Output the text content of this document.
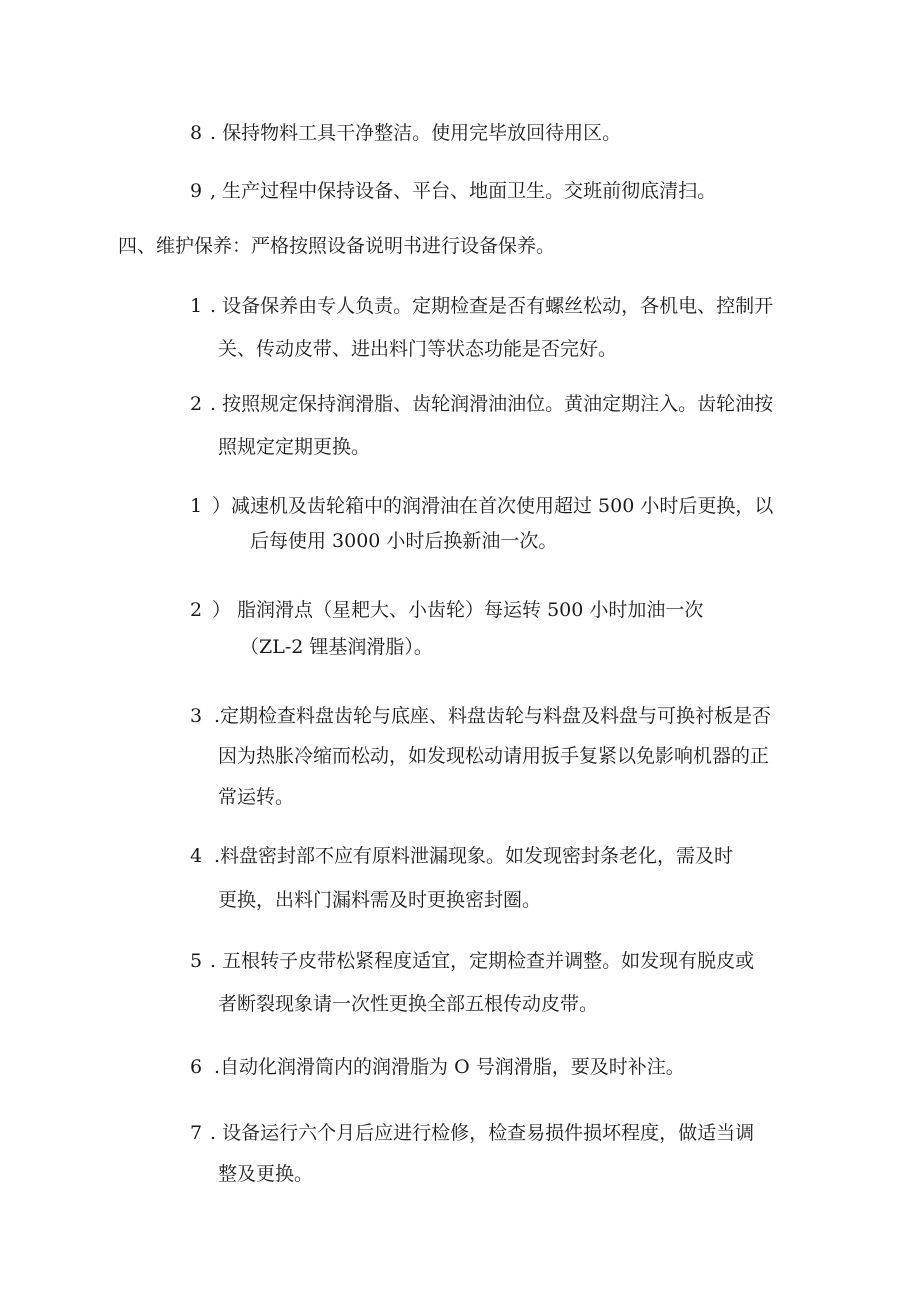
8 . 保持物料工具干净整洁。使用完毕放回待用区。
9 , 生产过程中保持设备、平台、地面卫生。交班前彻底清扫。
四、维护保养：严格按照设备说明书进行设备保养。
1 . 设备保养由专人负责。定期检查是否有螺丝松动，各机电、控制开
关、传动皮带、进出料门等状态功能是否完好。
2 . 按照规定保持润滑脂、齿轮润滑油油位。黄油定期注入。齿轮油按
照规定定期更换。
1 ）减速机及齿轮箱中的润滑油在首次使用超过 500 小时后更换，以
后每使用 3000 小时后换新油一次。
2 ） 脂润滑点（星耙大、小齿轮）每运转 500 小时加油一次
（ZL-2 锂基润滑脂）。
3 .定期检查料盘齿轮与底座、料盘齿轮与料盘及料盘与可换衬板是否
因为热胀冷缩而松动，如发现松动请用扳手复紧以免影响机器的正
常运转。
4 .料盘密封部不应有原料泄漏现象。如发现密封条老化，需及时
更换，出料门漏料需及时更换密封圈。
5 . 五根转子皮带松紧程度适宜，定期检查并调整。如发现有脱皮或
者断裂现象请一次性更换全部五根传动皮带。
6 .自动化润滑筒内的润滑脂为 O 号润滑脂，要及时补注。
7 . 设备运行六个月后应进行检修，检查易损件损坏程度，做适当调
整及更换。
